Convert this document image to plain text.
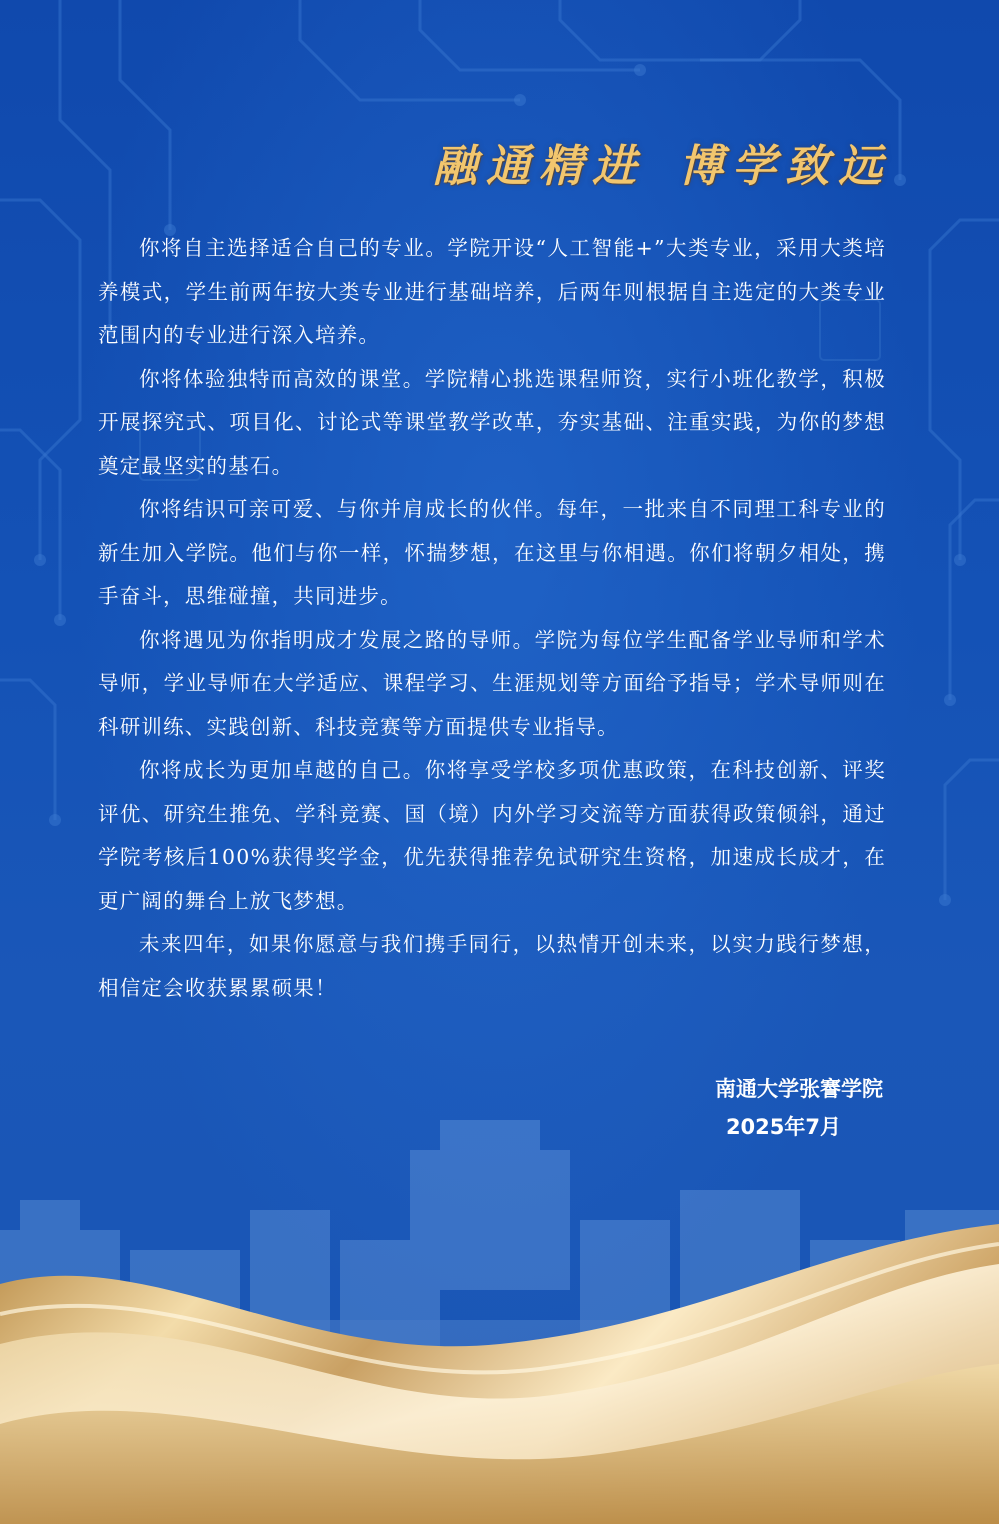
融通精进 博学致远

你将自主选择适合自己的专业。学院开设“人工智能+”大类专业，采用大类培养模式，学生前两年按大类专业进行基础培养，后两年则根据自主选定的大类专业范围内的专业进行深入培养。

你将体验独特而高效的课堂。学院精心挑选课程师资，实行小班化教学，积极开展探究式、项目化、讨论式等课堂教学改革，夯实基础、注重实践，为你的梦想奠定最坚实的基石。

你将结识可亲可爱、与你并肩成长的伙伴。每年，一批来自不同理工科专业的新生加入学院。他们与你一样，怀揣梦想，在这里与你相遇。你们将朝夕相处，携手奋斗，思维碰撞，共同进步。

你将遇见为你指明成才发展之路的导师。学院为每位学生配备学业导师和学术导师，学业导师在大学适应、课程学习、生涯规划等方面给予指导；学术导师则在科研训练、实践创新、科技竞赛等方面提供专业指导。

你将成长为更加卓越的自己。你将享受学校多项优惠政策，在科技创新、评奖评优、研究生推免、学科竞赛、国（境）内外学习交流等方面获得政策倾斜，通过学院考核后100%获得奖学金，优先获得推荐免试研究生资格，加速成长成才，在更广阔的舞台上放飞梦想。

未来四年，如果你愿意与我们携手同行，以热情开创未来，以实力践行梦想，相信定会收获累累硕果！

南通大学张謇学院

2025年7月
